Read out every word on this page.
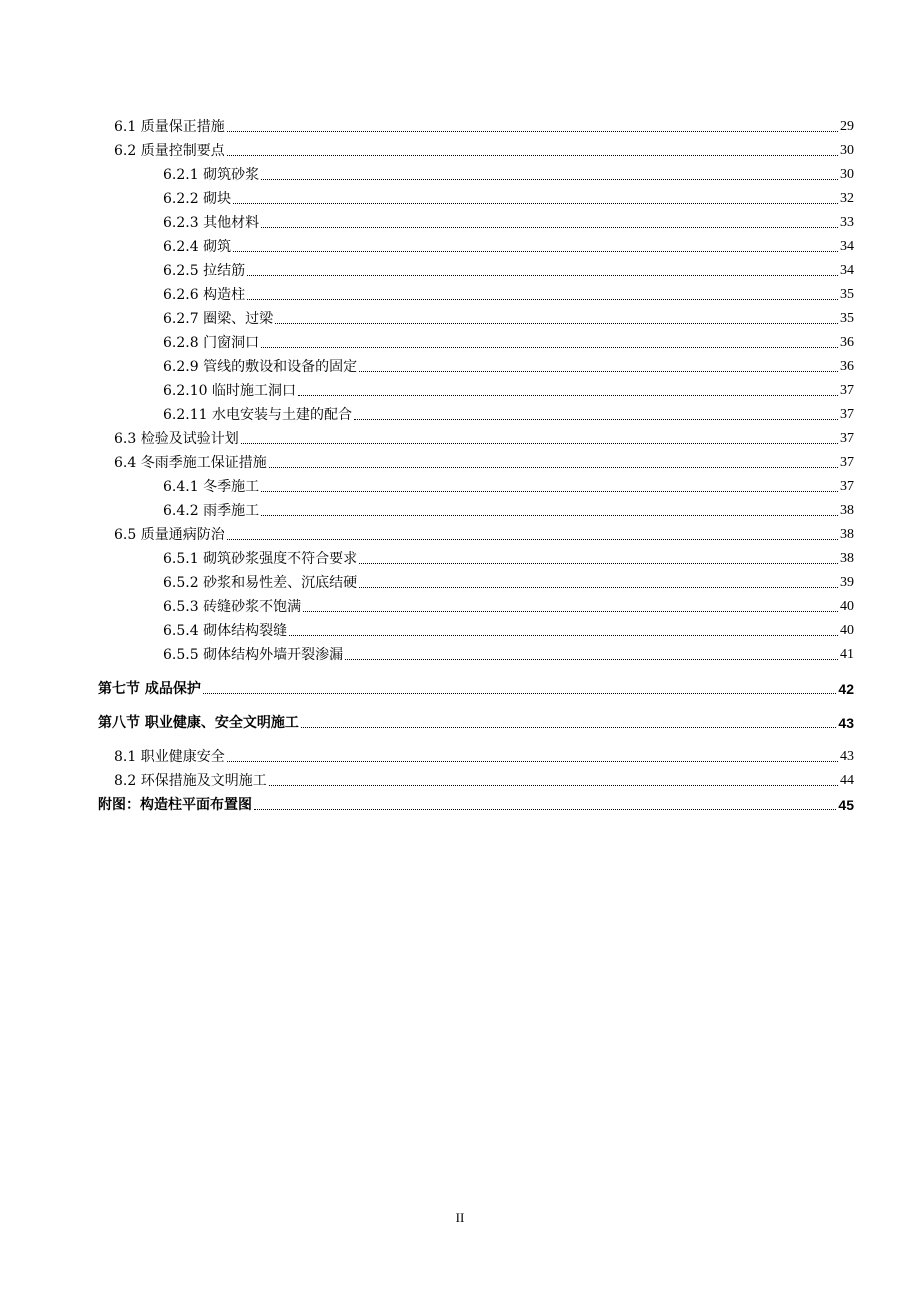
6.1 质量保正措施	29
6.2 质量控制要点	30
6.2.1 砌筑砂浆	30
6.2.2 砌块	32
6.2.3 其他材料	33
6.2.4 砌筑	34
6.2.5 拉结筋	34
6.2.6 构造柱	35
6.2.7 圈梁、过梁	35
6.2.8 门窗洞口	36
6.2.9 管线的敷设和设备的固定	36
6.2.10 临时施工洞口	37
6.2.11 水电安装与土建的配合	37
6.3 检验及试验计划	37
6.4 冬雨季施工保证措施	37
6.4.1 冬季施工	37
6.4.2 雨季施工	38
6.5 质量通病防治	38
6.5.1 砌筑砂浆强度不符合要求	38
6.5.2 砂浆和易性差、沉底结硬	39
6.5.3 砖缝砂浆不饱满	40
6.5.4 砌体结构裂缝	40
6.5.5 砌体结构外墙开裂渗漏	41
第七节 成品保护	42
第八节 职业健康、安全文明施工	43
8.1 职业健康安全	43
8.2 环保措施及文明施工	44
附图：构造柱平面布置图	45
II
